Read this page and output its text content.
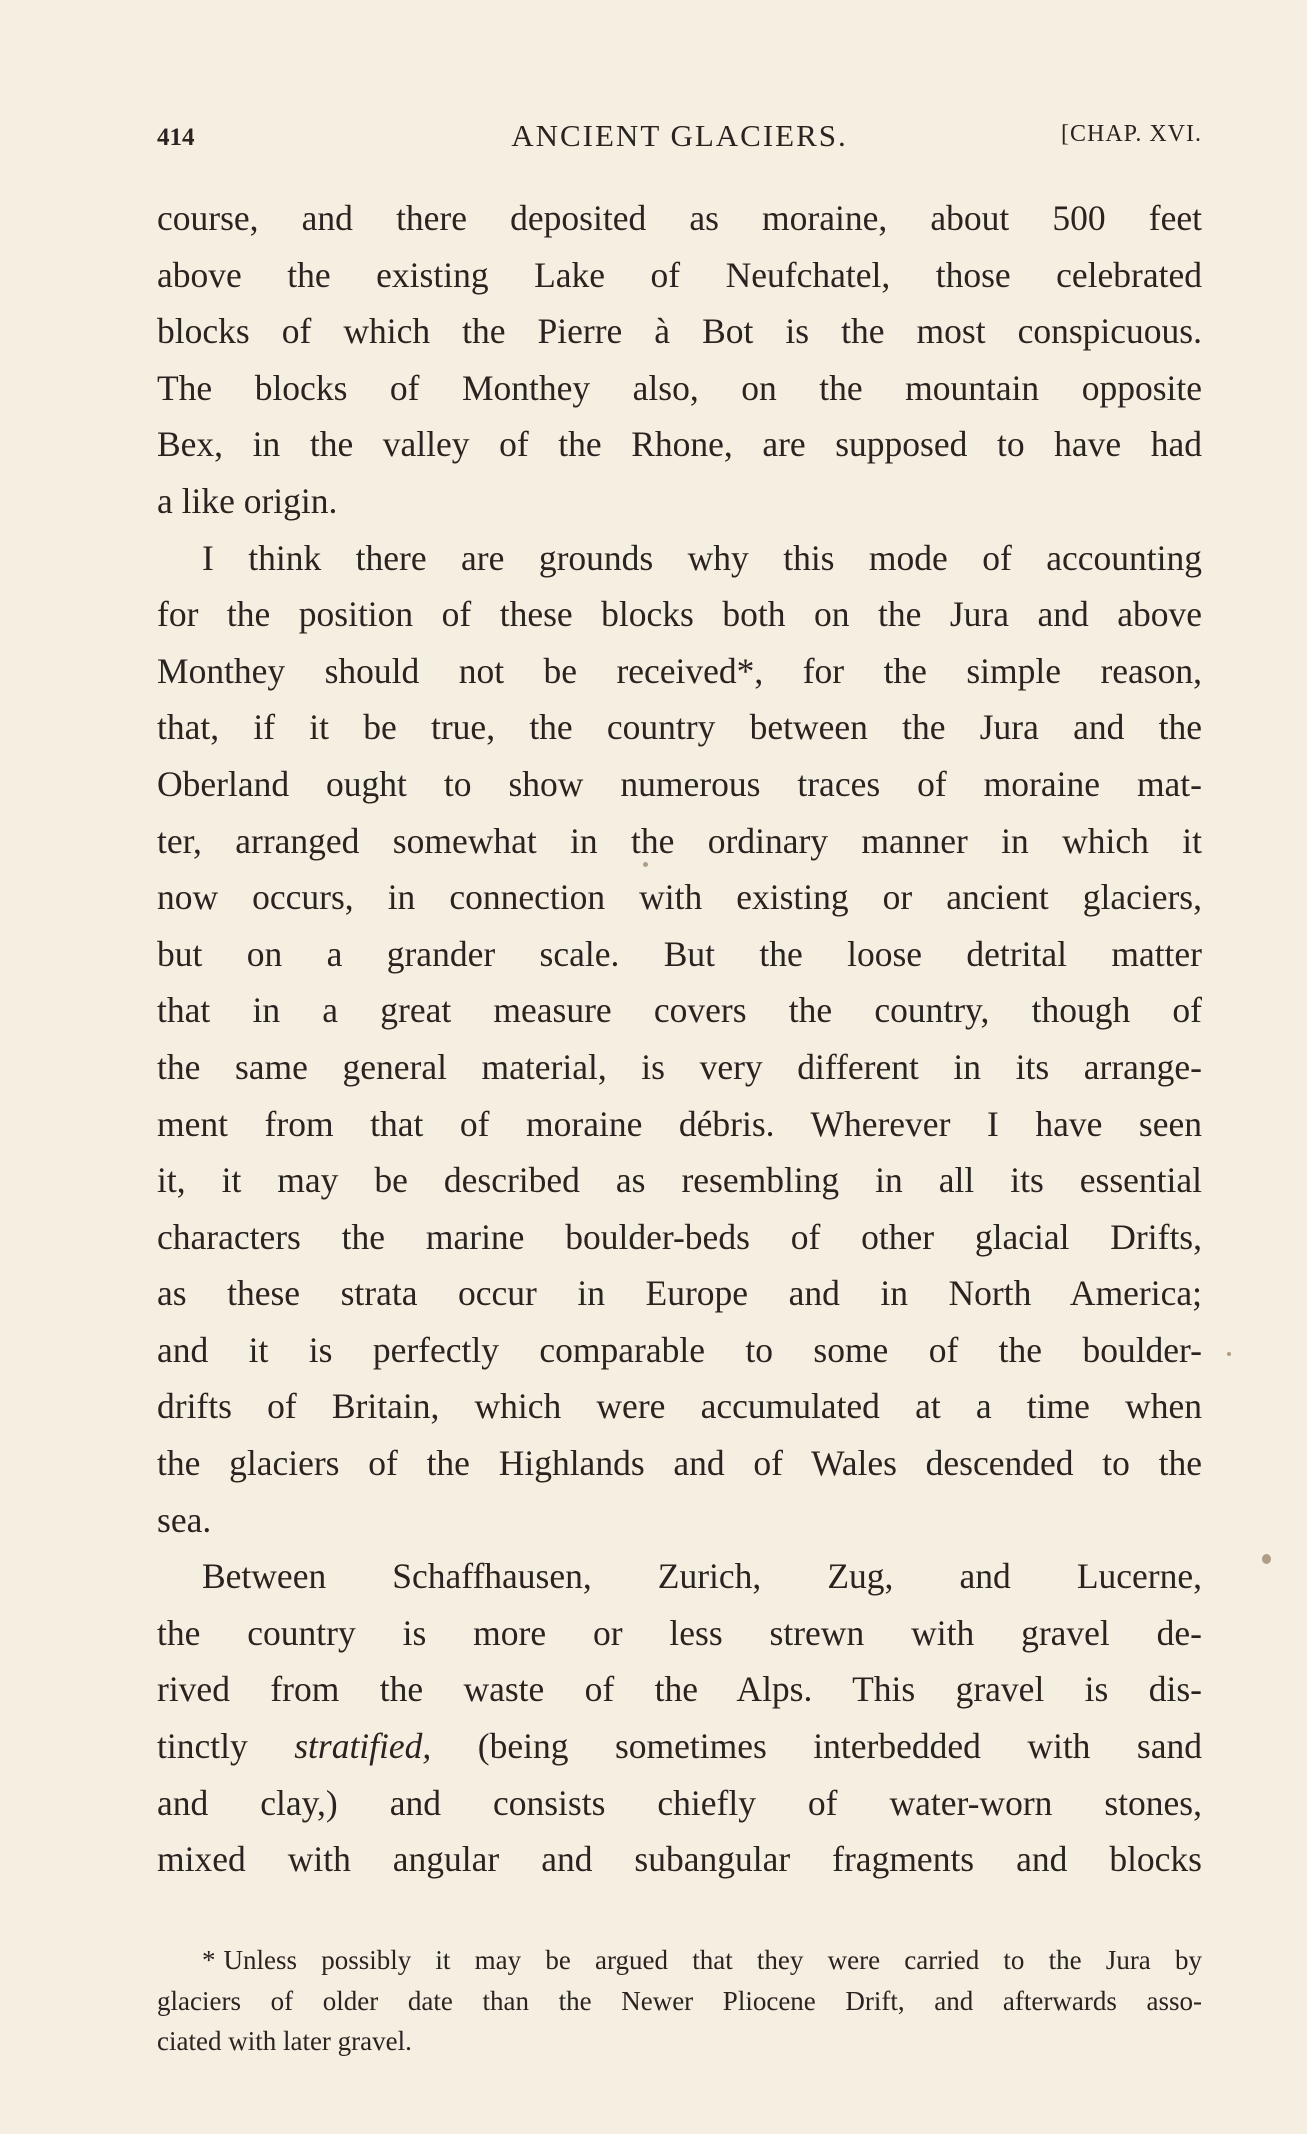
414	ANCIENT GLACIERS.	[CHAP. XVI.
course, and there deposited as moraine, about 500 feet
above the existing Lake of Neufchatel, those celebrated
blocks of which the Pierre à Bot is the most conspicuous.
The blocks of Monthey also, on the mountain opposite
Bex, in the valley of the Rhone, are supposed to have had
a like origin.
I think there are grounds why this mode of accounting
for the position of these blocks both on the Jura and above
Monthey should not be received*, for the simple reason,
that, if it be true, the country between the Jura and the
Oberland ought to show numerous traces of moraine mat-
ter, arranged somewhat in the ordinary manner in which it
now occurs, in connection with existing or ancient glaciers,
but on a grander scale. But the loose detrital matter
that in a great measure covers the country, though of
the same general material, is very different in its arrange-
ment from that of moraine débris. Wherever I have seen
it, it may be described as resembling in all its essential
characters the marine boulder-beds of other glacial Drifts,
as these strata occur in Europe and in North America;
and it is perfectly comparable to some of the boulder-
drifts of Britain, which were accumulated at a time when
the glaciers of the Highlands and of Wales descended to the
sea.
Between Schaffhausen, Zurich, Zug, and Lucerne,
the country is more or less strewn with gravel de-
rived from the waste of the Alps. This gravel is dis-
tinctly stratified, (being sometimes interbedded with sand
and clay,) and consists chiefly of water-worn stones,
mixed with angular and subangular fragments and blocks
* Unless possibly it may be argued that they were carried to the Jura by
glaciers of older date than the Newer Pliocene Drift, and afterwards asso-
ciated with later gravel.
